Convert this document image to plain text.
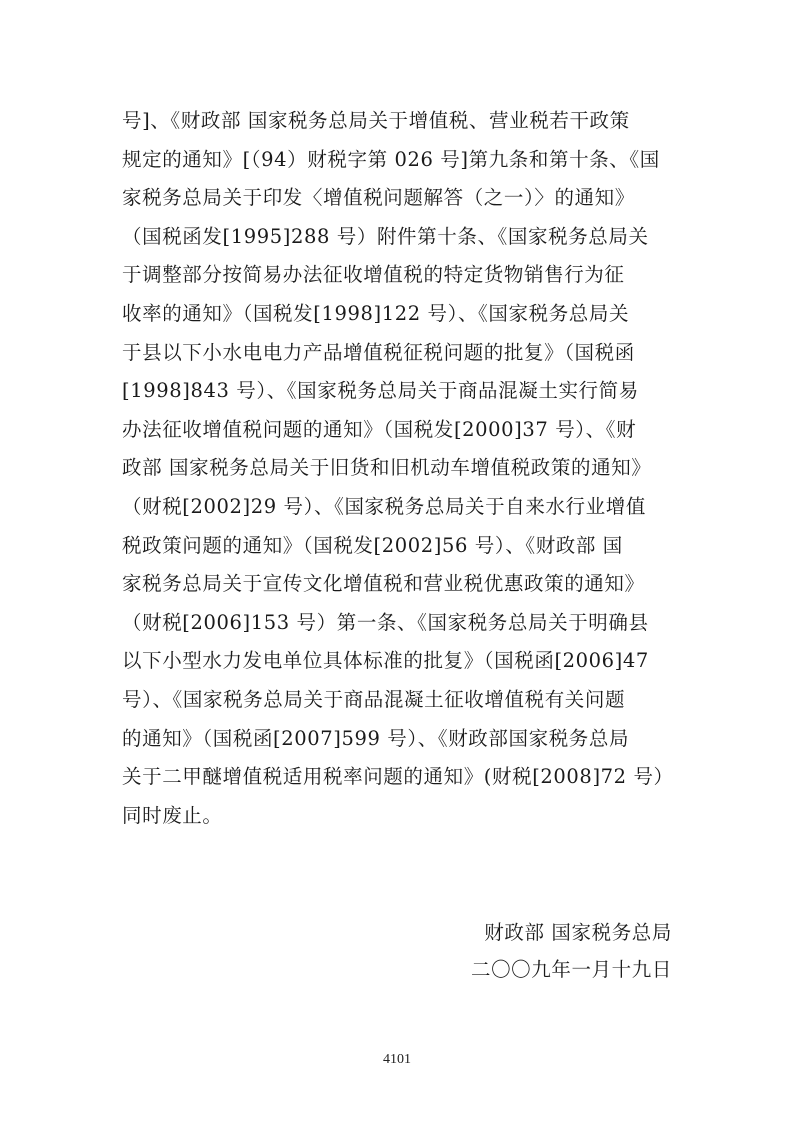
号]、《财政部 国家税务总局关于增值税、营业税若干政策
规定的通知》[（94）财税字第 026 号]第九条和第十条、《国
家税务总局关于印发〈增值税问题解答（之一）〉的通知》
（国税函发[1995]288 号）附件第十条、《国家税务总局关
于调整部分按简易办法征收增值税的特定货物销售行为征
收率的通知》（国税发[1998]122 号）、《国家税务总局关
于县以下小水电电力产品增值税征税问题的批复》（国税函
[1998]843 号）、《国家税务总局关于商品混凝土实行简易
办法征收增值税问题的通知》（国税发[2000]37 号）、《财
政部 国家税务总局关于旧货和旧机动车增值税政策的通知》
（财税[2002]29 号）、《国家税务总局关于自来水行业增值
税政策问题的通知》（国税发[2002]56 号）、《财政部 国
家税务总局关于宣传文化增值税和营业税优惠政策的通知》
（财税[2006]153 号）第一条、《国家税务总局关于明确县
以下小型水力发电单位具体标准的批复》（国税函[2006]47
号）、《国家税务总局关于商品混凝土征收增值税有关问题
的通知》（国税函[2007]599 号）、《财政部国家税务总局
关于二甲醚增值税适用税率问题的通知》(财税[2008]72 号）
同时废止。
财政部 国家税务总局
二〇〇九年一月十九日
4101
